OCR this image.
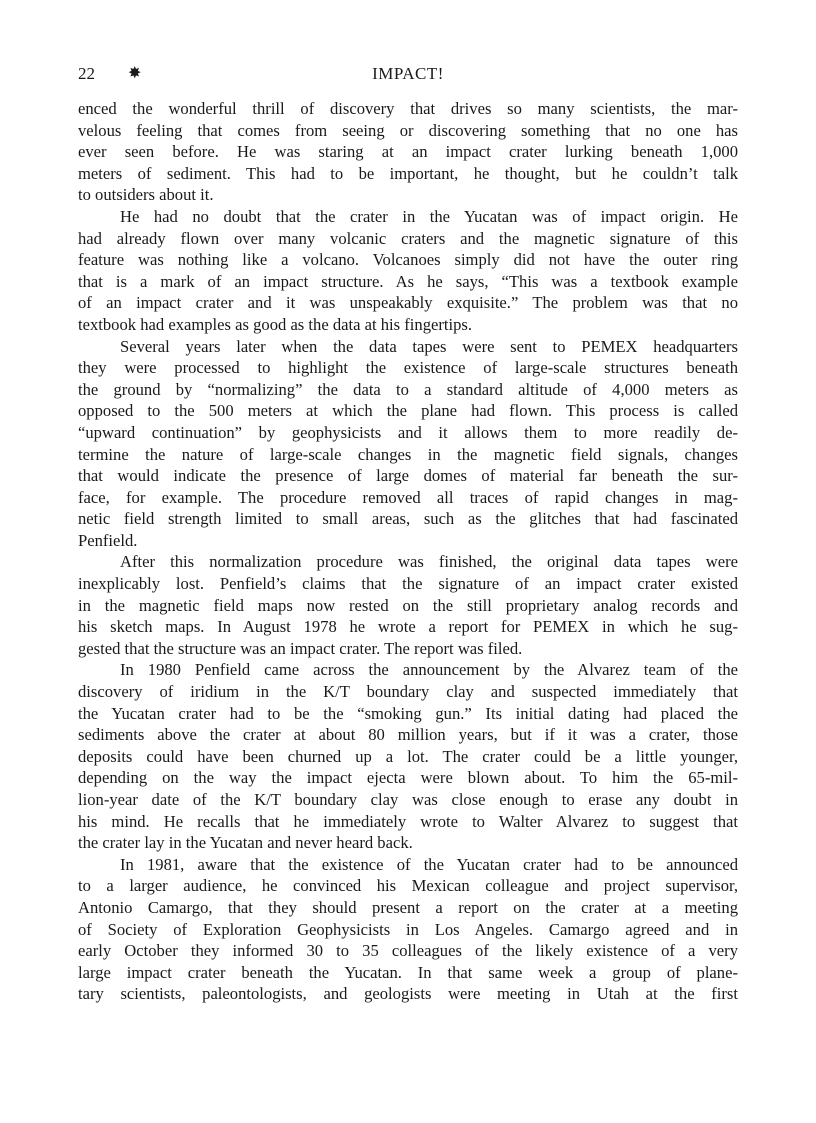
22 ✸	IMPACT!

enced the wonderful thrill of discovery that drives so many scientists, the mar-
velous feeling that comes from seeing or discovering something that no one has
ever seen before. He was staring at an impact crater lurking beneath 1,000
meters of sediment. This had to be important, he thought, but he couldn’t talk
to outsiders about it.

He had no doubt that the crater in the Yucatan was of impact origin. He
had already flown over many volcanic craters and the magnetic signature of this
feature was nothing like a volcano. Volcanoes simply did not have the outer ring
that is a mark of an impact structure. As he says, “This was a textbook example
of an impact crater and it was unspeakably exquisite.” The problem was that no
textbook had examples as good as the data at his fingertips.

Several years later when the data tapes were sent to PEMEX headquarters
they were processed to highlight the existence of large-scale structures beneath
the ground by “normalizing” the data to a standard altitude of 4,000 meters as
opposed to the 500 meters at which the plane had flown. This process is called
“upward continuation” by geophysicists and it allows them to more readily de-
termine the nature of large-scale changes in the magnetic field signals, changes
that would indicate the presence of large domes of material far beneath the sur-
face, for example. The procedure removed all traces of rapid changes in mag-
netic field strength limited to small areas, such as the glitches that had fascinated
Penfield.

After this normalization procedure was finished, the original data tapes were
inexplicably lost. Penfield’s claims that the signature of an impact crater existed
in the magnetic field maps now rested on the still proprietary analog records and
his sketch maps. In August 1978 he wrote a report for PEMEX in which he sug-
gested that the structure was an impact crater. The report was filed.

In 1980 Penfield came across the announcement by the Alvarez team of the
discovery of iridium in the K/T boundary clay and suspected immediately that
the Yucatan crater had to be the “smoking gun.” Its initial dating had placed the
sediments above the crater at about 80 million years, but if it was a crater, those
deposits could have been churned up a lot. The crater could be a little younger,
depending on the way the impact ejecta were blown about. To him the 65-mil-
lion-year date of the K/T boundary clay was close enough to erase any doubt in
his mind. He recalls that he immediately wrote to Walter Alvarez to suggest that
the crater lay in the Yucatan and never heard back.

In 1981, aware that the existence of the Yucatan crater had to be announced
to a larger audience, he convinced his Mexican colleague and project supervisor,
Antonio Camargo, that they should present a report on the crater at a meeting
of Society of Exploration Geophysicists in Los Angeles. Camargo agreed and in
early October they informed 30 to 35 colleagues of the likely existence of a very
large impact crater beneath the Yucatan. In that same week a group of plane-
tary scientists, paleontologists, and geologists were meeting in Utah at the first
